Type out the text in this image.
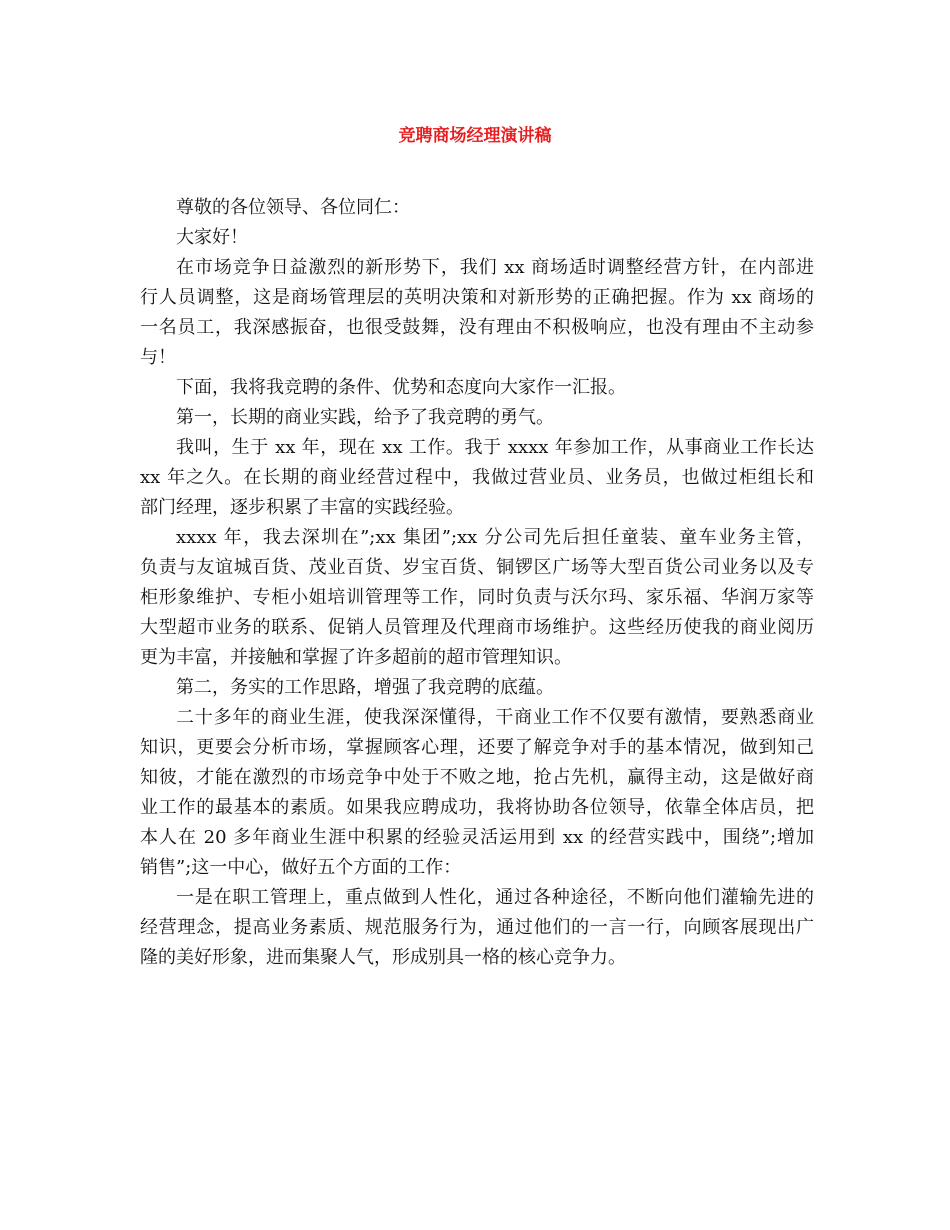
竞聘商场经理演讲稿
尊敬的各位领导、各位同仁：
大家好！
在市场竞争日益激烈的新形势下，我们 xx 商场适时调整经营方针，在内部进
行人员调整，这是商场管理层的英明决策和对新形势的正确把握。作为 xx 商场的
一名员工，我深感振奋，也很受鼓舞，没有理由不积极响应，也没有理由不主动参
与！
下面，我将我竞聘的条件、优势和态度向大家作一汇报。
第一，长期的商业实践，给予了我竞聘的勇气。
我叫，生于 xx 年，现在 xx 工作。我于 xxxx 年参加工作，从事商业工作长达
xx 年之久。在长期的商业经营过程中，我做过营业员、业务员，也做过柜组长和
部门经理，逐步积累了丰富的实践经验。
xxxx 年，我去深圳在”;xx 集团”;xx 分公司先后担任童装、童车业务主管，
负责与友谊城百货、茂业百货、岁宝百货、铜锣区广场等大型百货公司业务以及专
柜形象维护、专柜小姐培训管理等工作，同时负责与沃尔玛、家乐福、华润万家等
大型超市业务的联系、促销人员管理及代理商市场维护。这些经历使我的商业阅历
更为丰富，并接触和掌握了许多超前的超市管理知识。
第二，务实的工作思路，增强了我竞聘的底蕴。
二十多年的商业生涯，使我深深懂得，干商业工作不仅要有激情，要熟悉商业
知识，更要会分析市场，掌握顾客心理，还要了解竞争对手的基本情况，做到知己
知彼，才能在激烈的市场竞争中处于不败之地，抢占先机，赢得主动，这是做好商
业工作的最基本的素质。如果我应聘成功，我将协助各位领导，依靠全体店员，把
本人在 20 多年商业生涯中积累的经验灵活运用到 xx 的经营实践中，围绕”;增加
销售”;这一中心，做好五个方面的工作：
一是在职工管理上，重点做到人性化，通过各种途径，不断向他们灌输先进的
经营理念，提高业务素质、规范服务行为，通过他们的一言一行，向顾客展现出广
隆的美好形象，进而集聚人气，形成别具一格的核心竞争力。
